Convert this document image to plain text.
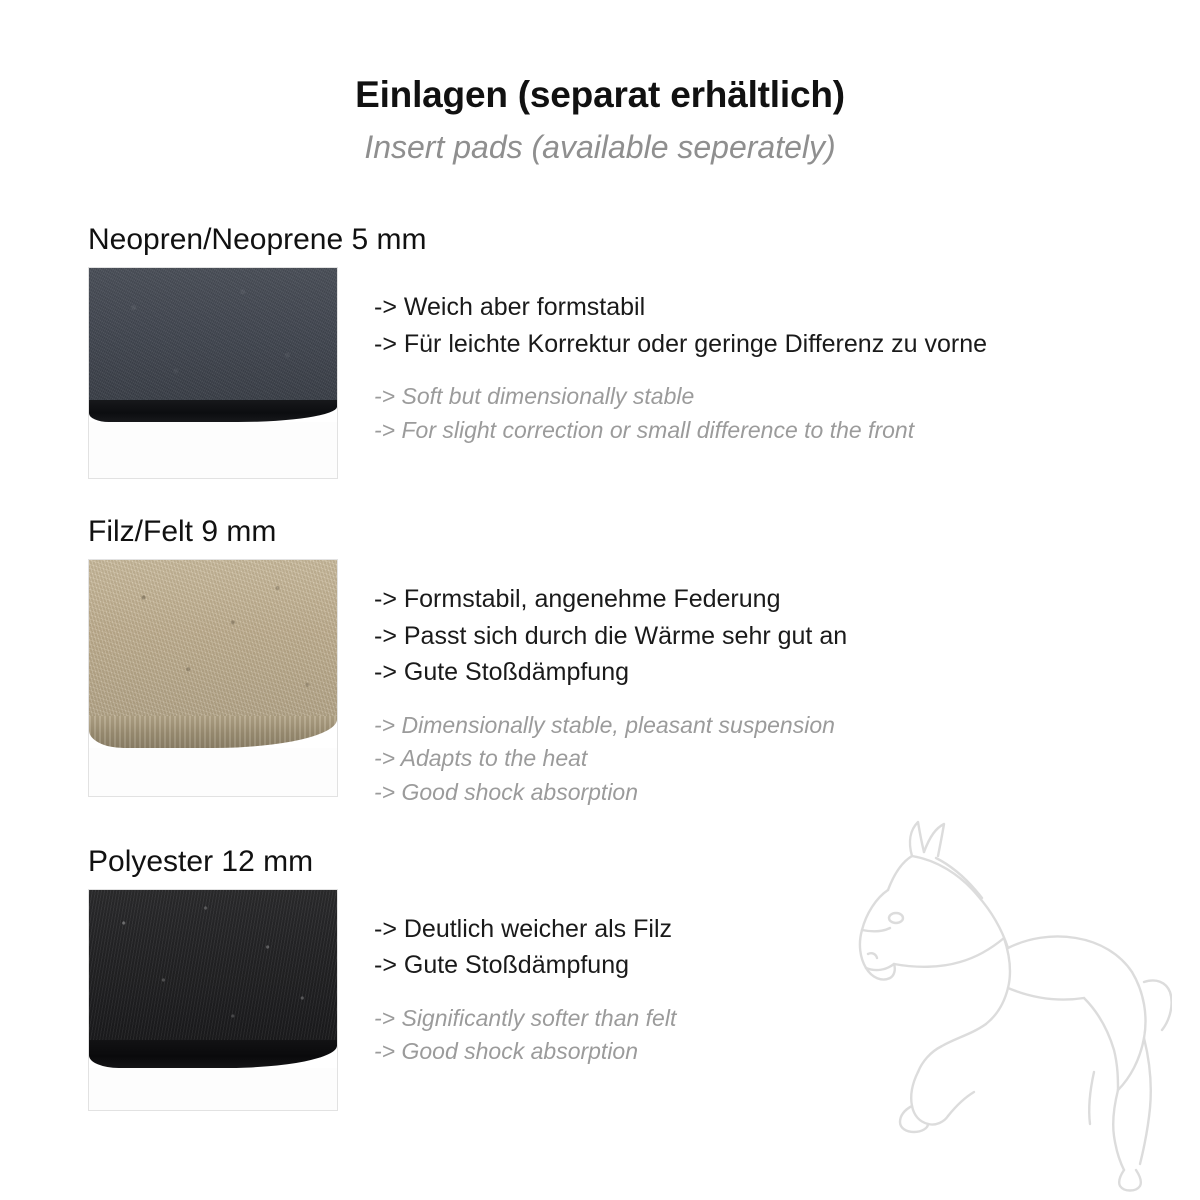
Einlagen (separat erhältlich)
Insert pads (available seperately)
Neopren/Neoprene 5 mm
-> Weich aber formstabil
-> Für leichte Korrektur oder geringe Differenz zu vorne
-> Soft but dimensionally stable
-> For slight correction or small difference to the front
Filz/Felt 9 mm
-> Formstabil, angenehme Federung
-> Passt sich durch die Wärme sehr gut an
-> Gute Stoßdämpfung
-> Dimensionally stable, pleasant suspension
-> Adapts to the heat
-> Good shock absorption
Polyester 12 mm
-> Deutlich weicher als Filz
-> Gute Stoßdämpfung
-> Significantly softer than felt
-> Good shock absorption
